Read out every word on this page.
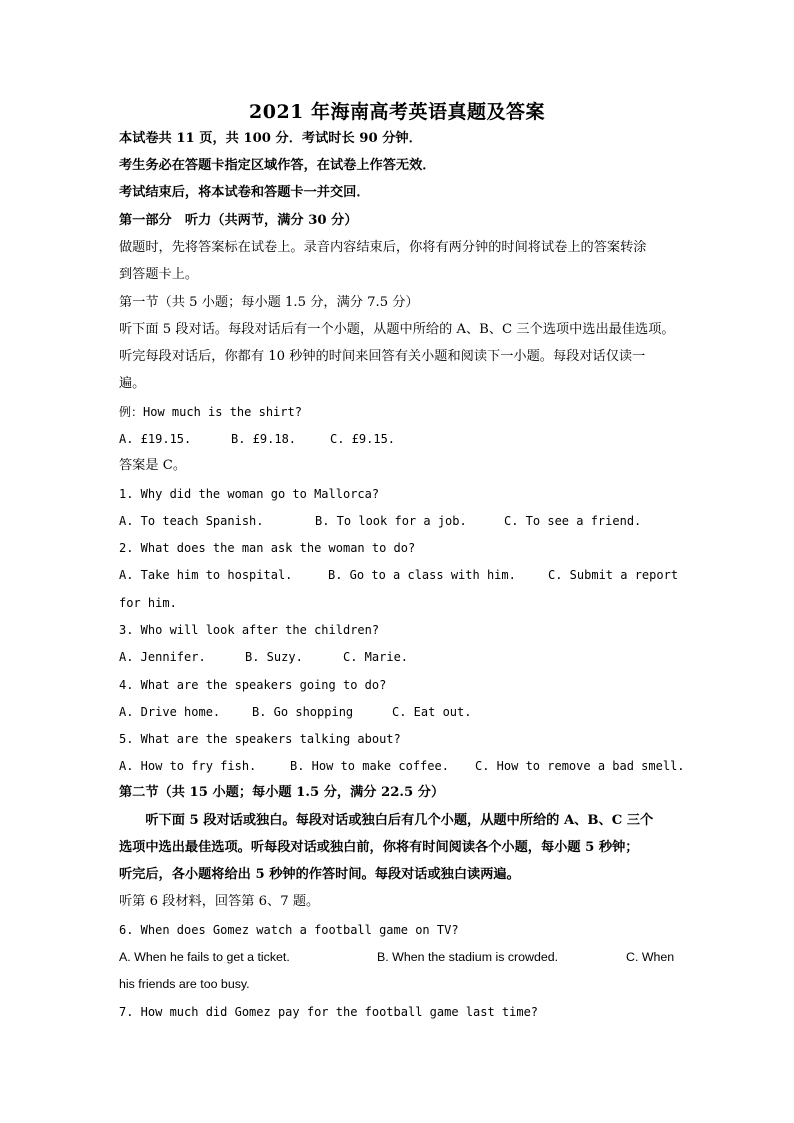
2021 年海南高考英语真题及答案
本试卷共 11 页，共 100 分．考试时长 90 分钟．
考生务必在答题卡指定区域作答，在试卷上作答无效．
考试结束后，将本试卷和答题卡一并交回．
第一部分　听力（共两节，满分 30 分）
做题时，先将答案标在试卷上。录音内容结束后，你将有两分钟的时间将试卷上的答案转涂
到答题卡上。
第一节（共 5 小题；每小题 1.5 分，满分 7.5 分）
听下面 5 段对话。每段对话后有一个小题，从题中所给的 A、B、C 三个选项中选出最佳选项。
听完每段对话后，你都有 10 秒钟的时间来回答有关小题和阅读下一小题。每段对话仅读一
遍。
例：How much is the shirt?
A. £19.15.	B. £9.18.	C. £9.15.
答案是 C。
1. Why did the woman go to Mallorca?
A. To teach Spanish.	B. To look for a job.	C. To see a friend.
2. What does the man ask the woman to do?
A. Take him to hospital.	B. Go to a class with him.	C. Submit a report
for him.
3. Who will look after the children?
A. Jennifer.	B. Suzy.	C. Marie.
4. What are the speakers going to do?
A. Drive home.	B. Go shopping	C. Eat out.
5. What are the speakers talking about?
A. How to fry fish.	B. How to make coffee. C. How to remove a bad smell.
第二节（共 15 小题；每小题 1.5 分，满分 22.5 分）
　　听下面 5 段对话或独白。每段对话或独白后有几个小题，从题中所给的 A、B、C 三个
选项中选出最佳选项。听每段对话或独白前，你将有时间阅读各个小题，每小题 5 秒钟；
听完后，各小题将给出 5 秒钟的作答时间。每段对话或独白读两遍。
听第 6 段材料，回答第 6、7 题。
6. When does Gomez watch a football game on TV?
A. When he fails to get a ticket.	B. When the stadium is crowded.	C. When
his friends are too busy.
7. How much did Gomez pay for the football game last time?
